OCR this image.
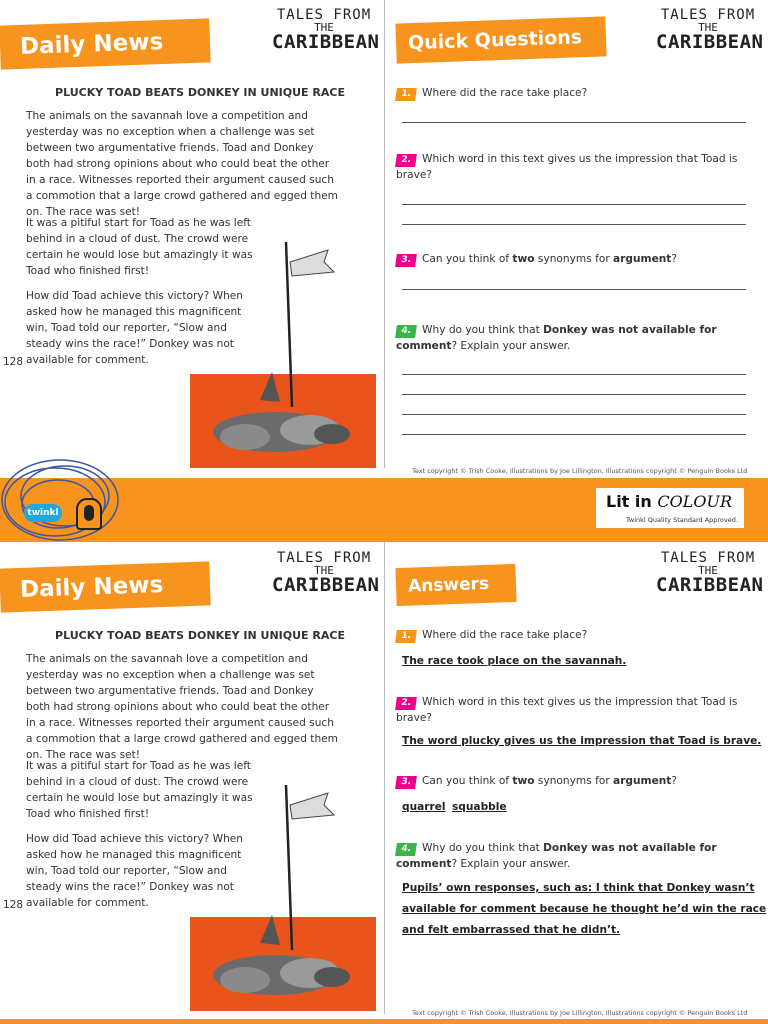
Daily News
TALES FROM
THE
CARIBBEAN
PLUCKY TOAD BEATS DONKEY IN UNIQUE RACE

The animals on the savannah love a competition and yesterday was no exception when a challenge was set between two argumentative friends. Toad and Donkey both had strong opinions about who could beat the other in a race. Witnesses reported their argument caused such a commotion that a large crowd gathered and egged them on. The race was set!

It was a pitiful start for Toad as he was left behind in a cloud of dust. The crowd were certain he would lose but amazingly it was Toad who finished first!

How did Toad achieve this victory? When asked how he managed this magnificent win, Toad told our reporter, “Slow and steady wins the race!” Donkey was not available for comment.

128
Quick Questions
TALES FROM
THE
CARIBBEAN
1. Where did the race take place?
2. Which word in this text gives us the impression that Toad is brave?
3. Can you think of two synonyms for argument?
4. Why do you think that Donkey was not available for comment? Explain your answer.
Text copyright © Trish Cooke, Illustrations by Joe Lillington, Illustrations copyright © Penguin Books Ltd
twinkl
Lit in COLOUR
Twinkl Quality Standard Approved.
Daily News
TALES FROM
THE
CARIBBEAN
PLUCKY TOAD BEATS DONKEY IN UNIQUE RACE

The animals on the savannah love a competition and yesterday was no exception when a challenge was set between two argumentative friends. Toad and Donkey both had strong opinions about who could beat the other in a race. Witnesses reported their argument caused such a commotion that a large crowd gathered and egged them on. The race was set!

It was a pitiful start for Toad as he was left behind in a cloud of dust. The crowd were certain he would lose but amazingly it was Toad who finished first!

How did Toad achieve this victory? When asked how he managed this magnificent win, Toad told our reporter, “Slow and steady wins the race!” Donkey was not available for comment.

128
Answers
TALES FROM
THE
CARIBBEAN
1. Where did the race take place?
The race took place on the savannah.
2. Which word in this text gives us the impression that Toad is brave?
The word plucky gives us the impression that Toad is brave.
3. Can you think of two synonyms for argument?
quarrel squabble
4. Why do you think that Donkey was not available for comment? Explain your answer.
Pupils’ own responses, such as: I think that Donkey wasn’t
available for comment because he thought he’d win the race
and felt embarrassed that he didn’t.
Text copyright © Trish Cooke, Illustrations by Joe Lillington, Illustrations copyright © Penguin Books Ltd
